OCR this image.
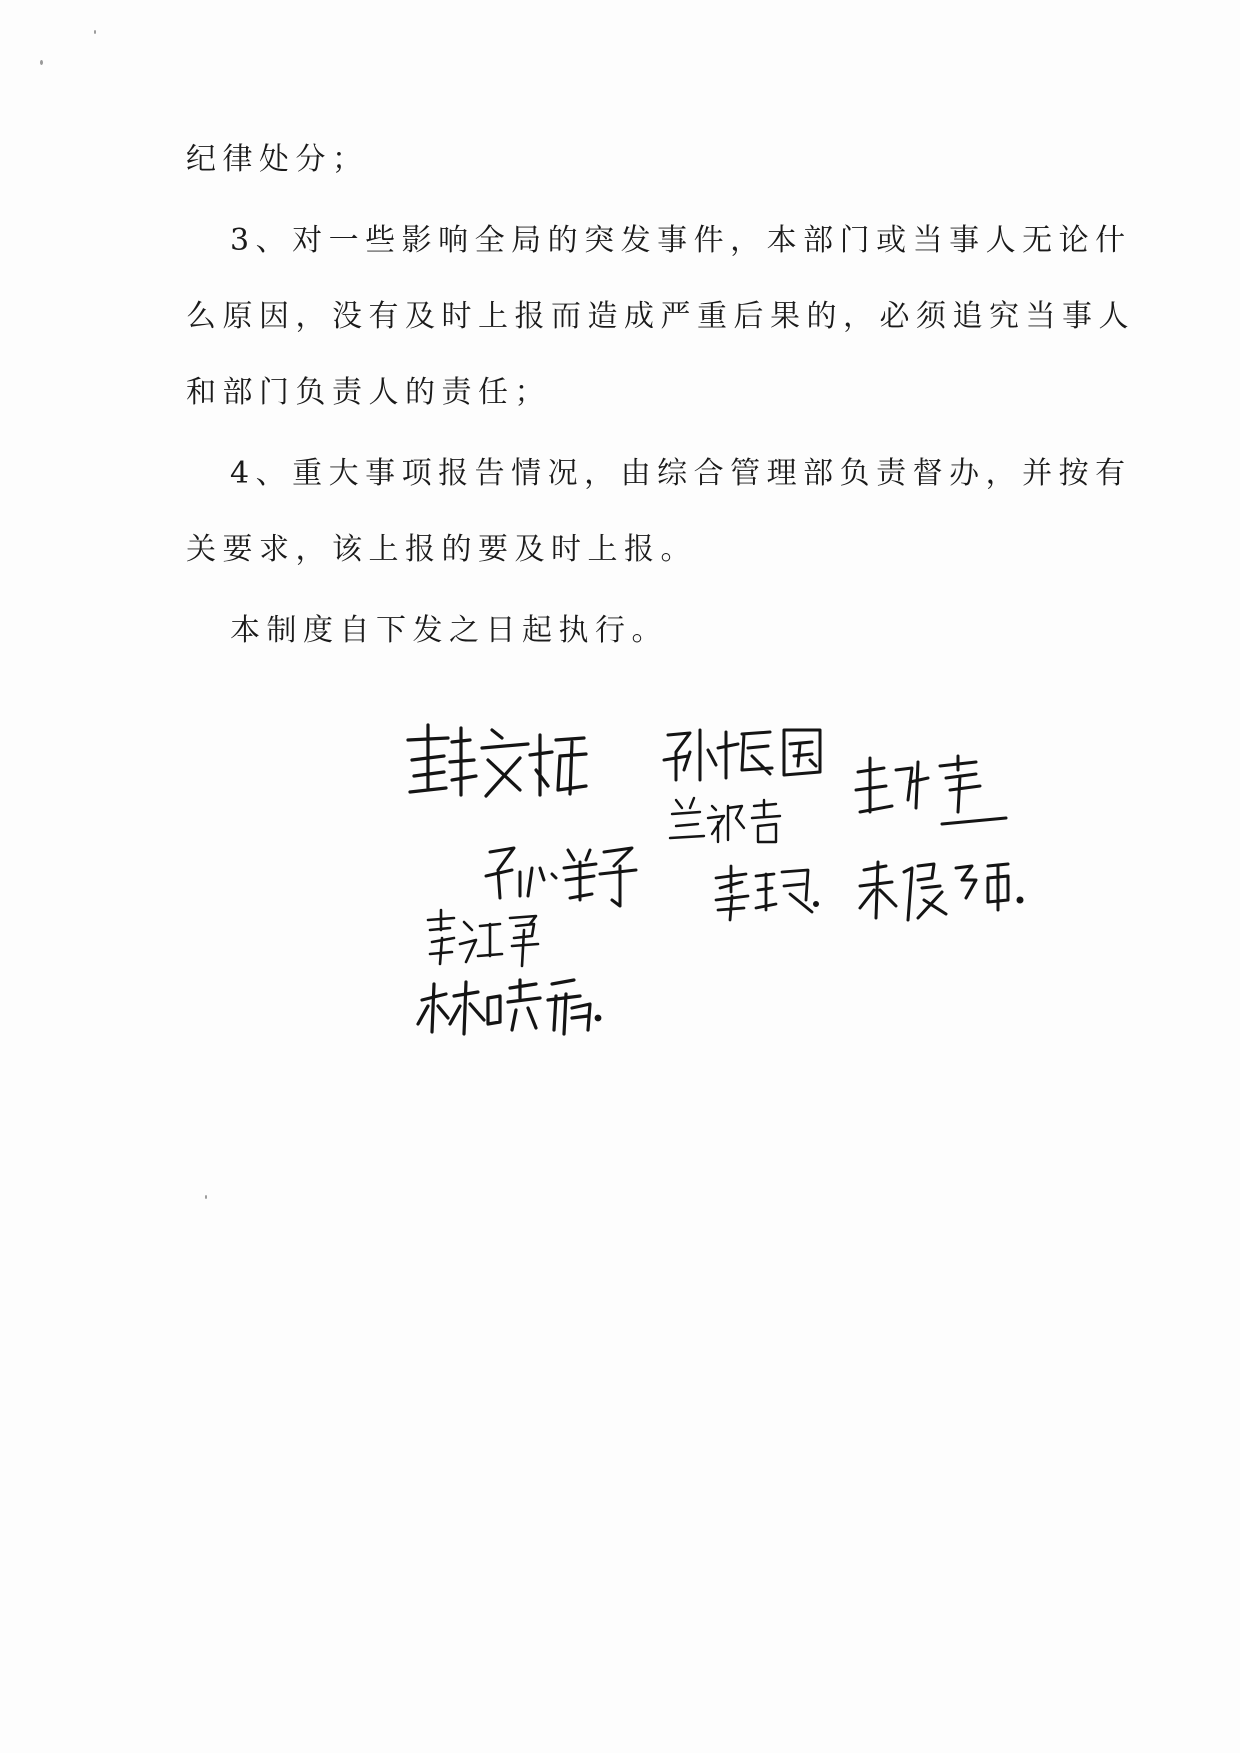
纪律处分；

3、对一些影响全局的突发事件，本部门或当事人无论什

么原因，没有及时上报而造成严重后果的，必须追究当事人

和部门负责人的责任；

4、重大事项报告情况，由综合管理部负责督办，并按有

关要求，该上报的要及时上报。

本制度自下发之日起执行。
